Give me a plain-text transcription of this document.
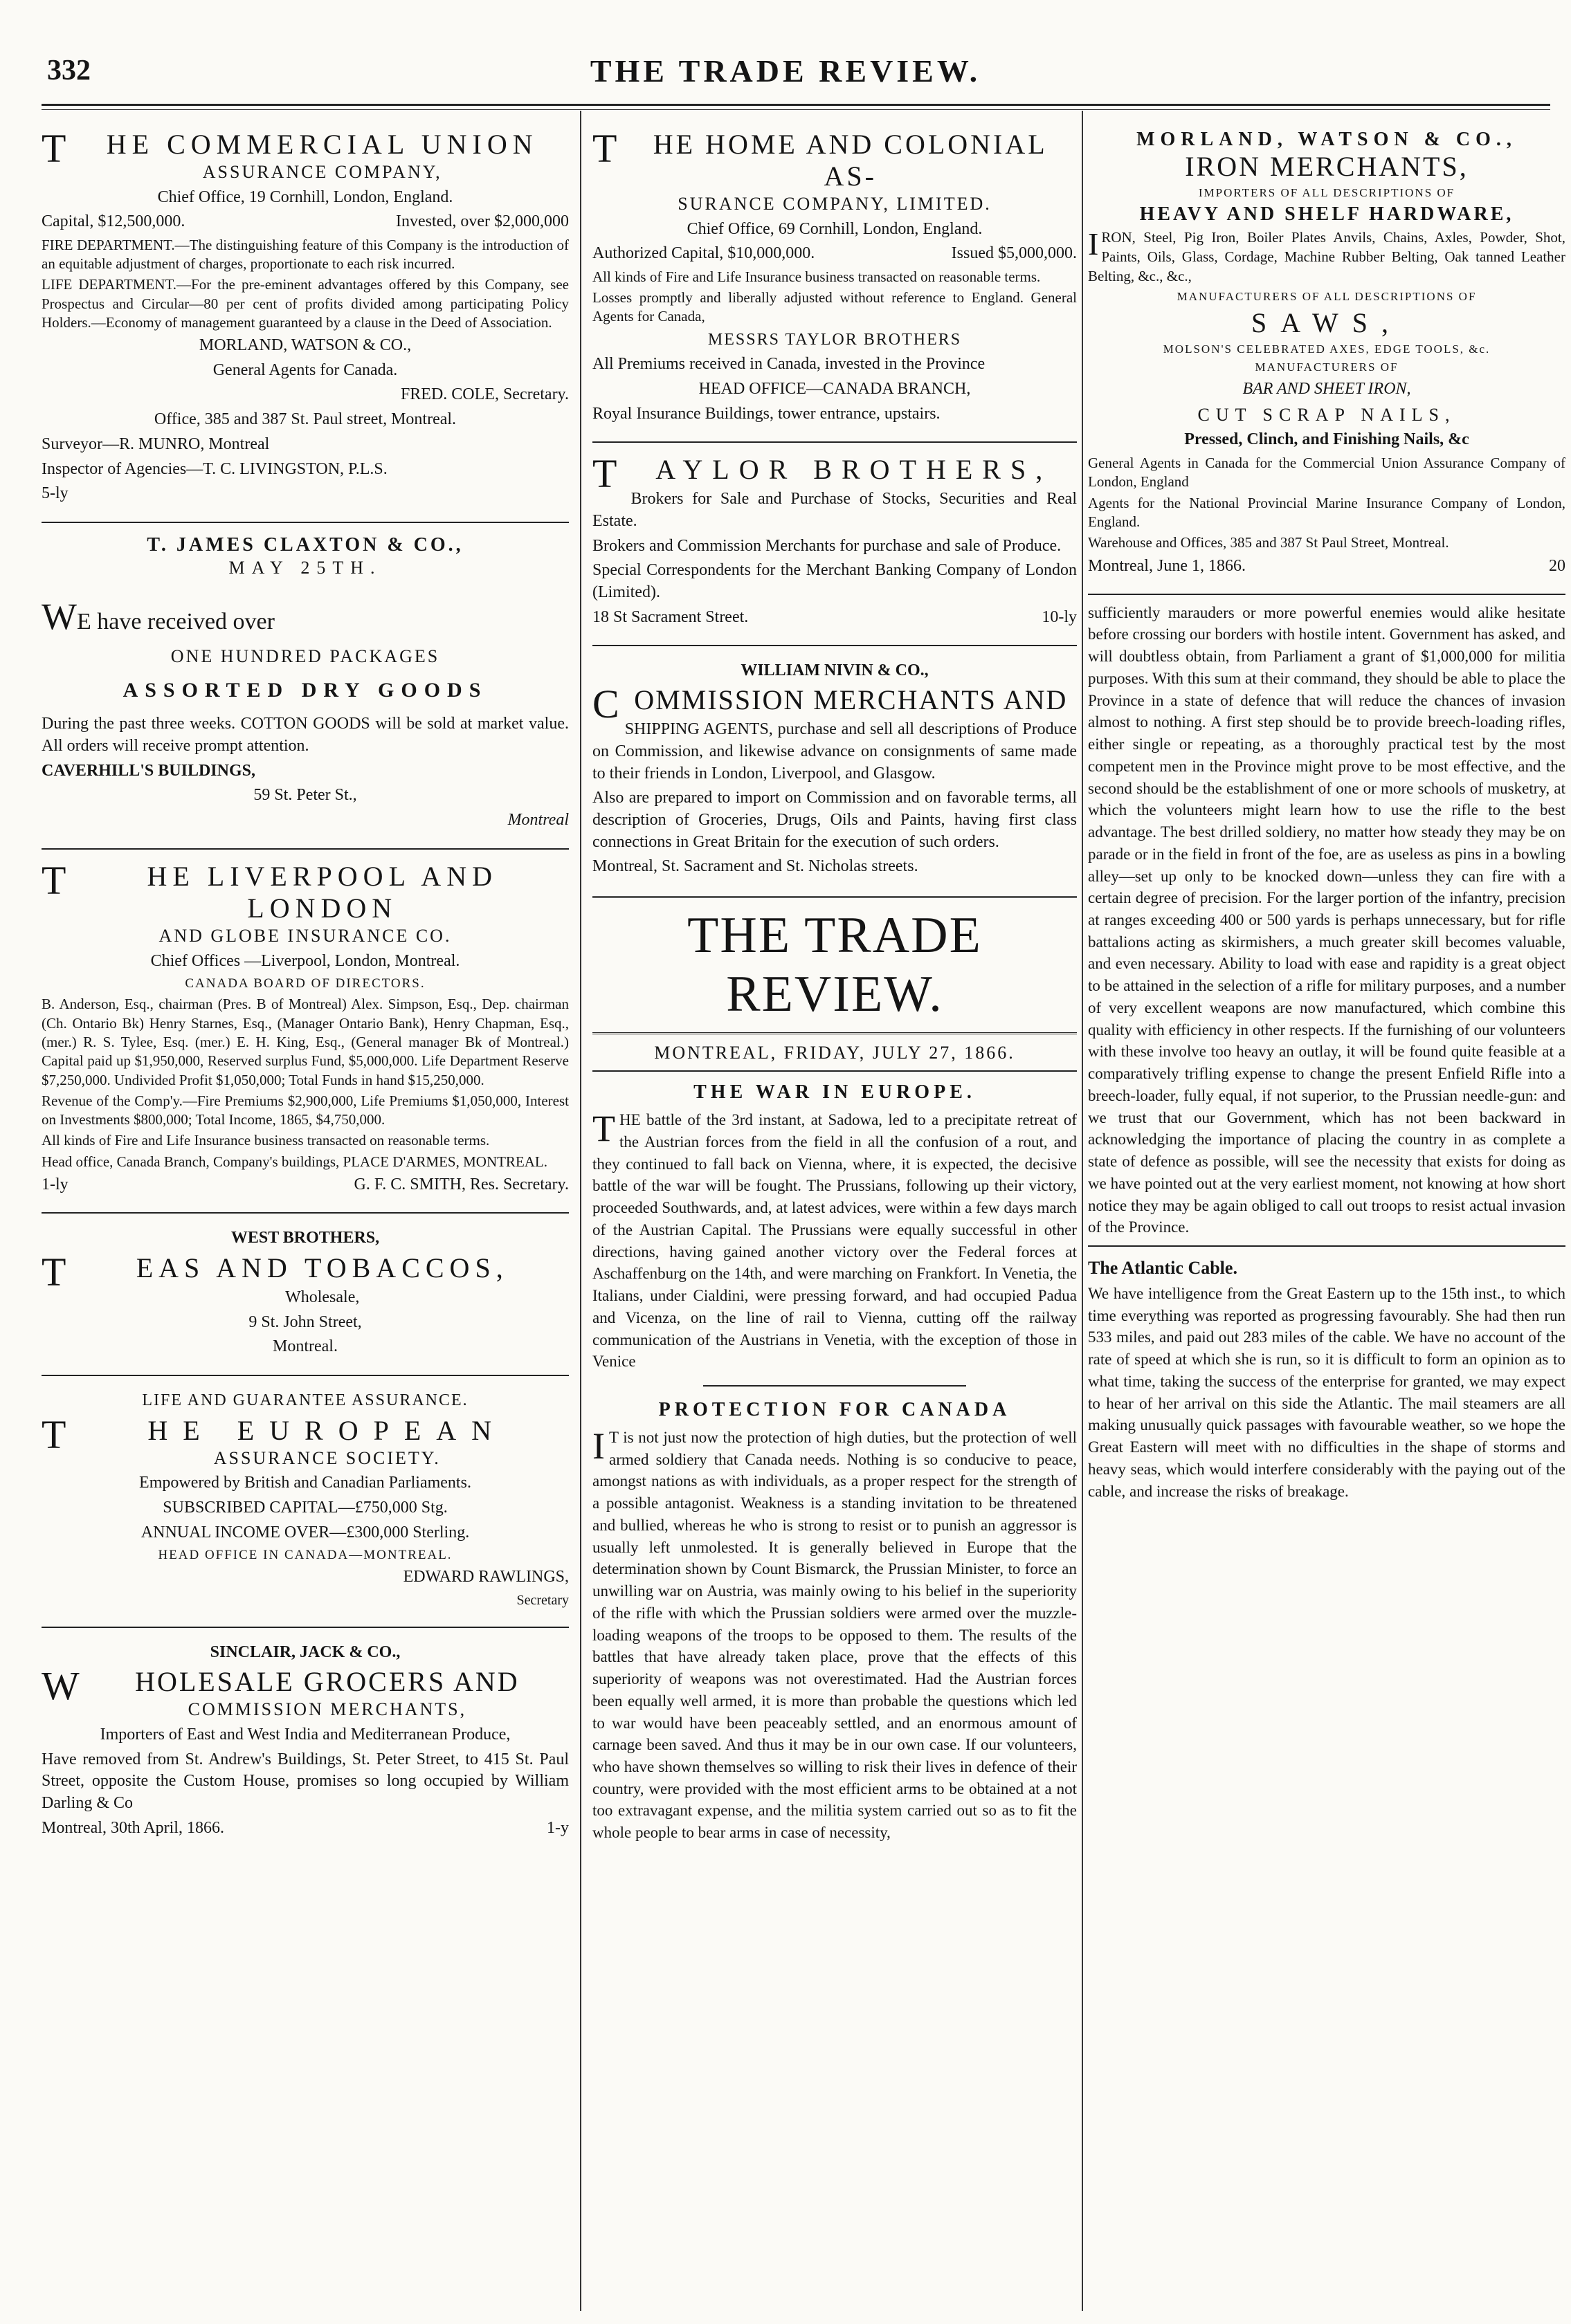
332	THE TRADE REVIEW.
T HE COMMERCIAL UNION
ASSURANCE COMPANY,
Chief Office, 19 Cornhill, London, England.
Capital, $12,500,000.	Invested, over $2,000,000
FIRE DEPARTMENT.—The distinguishing feature of this Company is the introduction of an equitable adjustment of charges, proportionate to each risk incurred.
LIFE DEPARTMENT.—For the pre-eminent advantages offered by this Company, see Prospectus and Circular—80 per cent of profits divided among participating Policy Holders.—Economy of management guaranteed by a clause in the Deed of Association.
MORLAND, WATSON & CO.,
General Agents for Canada.
FRED. COLE, Secretary.
Office, 385 and 387 St. Paul street, Montreal.
Surveyor—R. MUNRO, Montreal
Inspector of Agencies—T. C. LIVINGSTON, P.L.S.
5-ly
T. JAMES CLAXTON & CO.,
MAY 25TH.
WE have received over
ONE HUNDRED PACKAGES
ASSORTED DRY GOODS
During the past three weeks. COTTON GOODS will be sold at market value. All orders will receive prompt attention.
CAVERHILL'S BUILDINGS,
59 St. Peter St.,
Montreal
T	HE LIVERPOOL AND LONDON
AND GLOBE INSURANCE CO.
Chief Offices —Liverpool, London, Montreal.
CANADA BOARD OF DIRECTORS.
B. Anderson, Esq., chairman (Pres. B of Montreal) Alex. Simpson, Esq., Dep. chairman (Ch. Ontario Bk) Henry Starnes, Esq., (Manager Ontario Bank), Henry Chapman, Esq., (mer.) R. S. Tylee, Esq. (mer.) E. H. King, Esq., (General manager Bk of Montreal.) Capital paid up $1,950,000, Reserved surplus Fund, $5,000,000. Life Department Reserve $7,250,000. Undivided Profit $1,050,000; Total Funds in hand $15,250,000.
Revenue of the Comp'y.—Fire Premiums $2,900,000, Life Premiums $1,050,000, Interest on Investments $800,000; Total Income, 1865, $4,750,000.
All kinds of Fire and Life Insurance business transacted on reasonable terms.
Head office, Canada Branch, Company's buildings, PLACE D'ARMES, MONTREAL.
1-ly	G. F. C. SMITH, Res. Secretary.
WEST BROTHERS,
T EAS AND TOBACCOS,
Wholesale,
9 St. John Street,
Montreal.
LIFE AND GUARANTEE ASSURANCE.
T HE EUROPEAN
ASSURANCE SOCIETY.
Empowered by British and Canadian Parliaments.
SUBSCRIBED CAPITAL—£750,000 Stg.
ANNUAL INCOME OVER—£300,000 Sterling.
HEAD OFFICE IN CANADA—MONTREAL.
EDWARD RAWLINGS,
Secretary
SINCLAIR, JACK & CO.,
W HOLESALE GROCERS AND
COMMISSION MERCHANTS,
Importers of East and West India and Mediterranean Produce,
Have removed from St. Andrew's Buildings, St. Peter Street, to 415 St. Paul Street, opposite the Custom House, promises so long occupied by William Darling & Co
Montreal, 30th April, 1866.	1-y
T HE HOME AND COLONIAL AS-
SURANCE COMPANY, LIMITED.
Chief Office, 69 Cornhill, London, England.
Authorized Capital, $10,000,000.	Issued $5,000,000.
All kinds of Fire and Life Insurance business transacted on reasonable terms.
Losses promptly and liberally adjusted without reference to England. General Agents for Canada,
MESSRS TAYLOR BROTHERS
All Premiums received in Canada, invested in the Province
HEAD OFFICE—CANADA BRANCH,
Royal Insurance Buildings, tower entrance, upstairs.
T AYLOR BROTHERS,
Brokers for Sale and Purchase of Stocks, Securities and Real Estate.
Brokers and Commission Merchants for purchase and sale of Produce.
Special Correspondents for the Merchant Banking Company of London (Limited).
18 St Sacrament Street.	10-ly
WILLIAM NIVIN & CO.,
C OMMISSION MERCHANTS AND
SHIPPING AGENTS, purchase and sell all descriptions of Produce on Commission, and likewise advance on consignments of same made to their friends in London, Liverpool, and Glasgow.
Also are prepared to import on Commission and on favorable terms, all description of Groceries, Drugs, Oils and Paints, having first class connections in Great Britain for the execution of such orders.
Montreal, St. Sacrament and St. Nicholas streets.
THE TRADE REVIEW.
MONTREAL, FRIDAY, JULY 27, 1866.
THE WAR IN EUROPE.

THE battle of the 3rd instant, at Sadowa, led to a precipitate retreat of the Austrian forces from the field in all the confusion of a rout, and they continued to fall back on Vienna, where, it is expected, the decisive battle of the war will be fought. The Prussians, following up their victory, proceeded Southwards, and, at latest advices, were within a few days march of the Austrian Capital. The Prussians were equally successful in other directions, having gained another victory over the Federal forces at Aschaffenburg on the 14th, and were marching on Frankfort. In Venetia, the Italians, under Cialdini, were pressing forward, and had occupied Padua and Vicenza, on the line of rail to Vienna, cutting off the railway communication of the Austrians in Venetia, with the exception of those in Venice

PROTECTION FOR CANADA

I T is not just now the protection of high duties, but the protection of well armed soldiery that Canada needs. Nothing is so conducive to peace, amongst nations as with individuals, as a proper respect for the strength of a possible antagonist. Weakness is a standing invitation to be threatened and bullied, whereas he who is strong to resist or to punish an aggressor is usually left unmolested. It is generally believed in Europe that the determination shown by Count Bismarck, the Prussian Minister, to force an unwilling war on Austria, was mainly owing to his belief in the superiority of the rifle with which the Prussian soldiers were armed over the muzzle-loading weapons of the troops to be opposed to them. The results of the battles that have already taken place, prove that the effects of this superiority of weapons was not overestimated. Had the Austrian forces been equally well armed, it is more than probable the questions which led to war would have been peaceably settled, and an enormous amount of carnage been saved. And thus it may be in our own case. If our volunteers, who have shown themselves so willing to risk their lives in defence of their country, were provided with the most efficient arms to be obtained at a not too extravagant expense, and the militia system carried out so as to fit the whole people to bear arms in case of necessity,

MORLAND, WATSON & CO.,
IRON MERCHANTS,
IMPORTERS OF ALL DESCRIPTIONS OF
HEAVY AND SHELF HARDWARE,
IRON, Steel, Pig Iron, Boiler Plates Anvils, Chains, Axles, Powder, Shot, Paints, Oils, Glass, Cordage, Machine Rubber Belting, Oak tanned Leather Belting, &c., &c.,
MANUFACTURERS OF ALL DESCRIPTIONS OF
SAWS,
MOLSON'S CELEBRATED AXES, EDGE TOOLS, &c.
MANUFACTURERS OF
BAR AND SHEET IRON,
CUT SCRAP NAILS,
Pressed, Clinch, and Finishing Nails, &c
General Agents in Canada for the Commercial Union Assurance Company of London, England
Agents for the National Provincial Marine Insurance Company of London, England.
Warehouse and Offices, 385 and 387 St Paul Street, Montreal.
Montreal, June 1, 1866.	20

sufficiently marauders or more powerful enemies would alike hesitate before crossing our borders with hostile intent. Government has asked, and will doubtless obtain, from Parliament a grant of $1,000,000 for militia purposes. With this sum at their command, they should be able to place the Province in a state of defence that will reduce the chances of invasion almost to nothing. A first step should be to provide breech-loading rifles, either single or repeating, as a thoroughly practical test by the most competent men in the Province might prove to be most effective, and the second should be the establishment of one or more schools of musketry, at which the volunteers might learn how to use the rifle to the best advantage. The best drilled soldiery, no matter how steady they may be on parade or in the field in front of the foe, are as useless as pins in a bowling alley—set up only to be knocked down—unless they can fire with a certain degree of precision. For the larger portion of the infantry, precision at ranges exceeding 400 or 500 yards is perhaps unnecessary, but for rifle battalions acting as skirmishers, a much greater skill becomes valuable, and even necessary. Ability to load with ease and rapidity is a great object to be attained in the selection of a rifle for military purposes, and a number of very excellent weapons are now manufactured, which combine this quality with efficiency in other respects. If the furnishing of our volunteers with these involve too heavy an outlay, it will be found quite feasible at a comparatively trifling expense to change the present Enfield Rifle into a breech-loader, fully equal, if not superior, to the Prussian needle-gun: and we trust that our Government, which has not been backward in acknowledging the importance of placing the country in as complete a state of defence as possible, will see the necessity that exists for doing as we have pointed out at the very earliest moment, not knowing at how short notice they may be again obliged to call out troops to resist actual invasion of the Province.

The Atlantic Cable.

We have intelligence from the Great Eastern up to the 15th inst., to which time everything was reported as progressing favourably. She had then run 533 miles, and paid out 283 miles of the cable. We have no account of the rate of speed at which she is run, so it is difficult to form an opinion as to what time, taking the success of the enterprise for granted, we may expect to hear of her arrival on this side the Atlantic. The mail steamers are all making unusually quick passages with favourable weather, so we hope the Great Eastern will meet with no difficulties in the shape of storms and heavy seas, which would interfere considerably with the paying out of the cable, and increase the risks of breakage.
